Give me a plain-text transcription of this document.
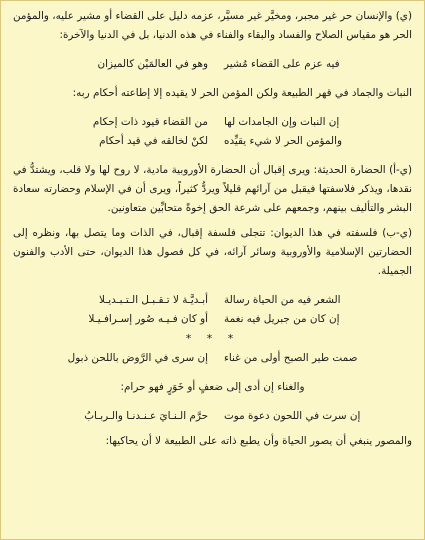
(ي) والإنسان حر غير مجبر، ومخيَّر غير مسيَّر، عزمه دليل على القضاء أو مشير عليه، والمؤمن الحر هو مقياس الصلاح والفساد والبقاء والفناء في هذه الدنيا، بل في الدنيا والآخرة:

فيه عزم على القضاء مُشير
وهو في العالمَيْن كالميزان

النبات والجماد في قهر الطبيعة ولكن المؤمن الحر لا يقيده إلا إطاعته أحكام ربه:

إن النبات وإن الجامدات لها
من القضاء قيود ذات إحكام
والمؤمن الحر لا شيء يقيِّده
لكنْ لخالقه في قيد أحكام

(ي-أ) الحضارة الحديثة: ويرى إقبال أن الحضارة الأوروبية مادية، لا روح لها ولا قلب، ويشتدُّ في نقدها، ويذكر فلاسفتها فيقبل من آرائهم قليلاً ويردُّ كثيراً، ويرى أن في الإسلام وحضارته سعادة البشر والتأليف بينهم، وجمعهم على شرعة الحق إخوةً متحابِّين متعاونين.

(ي-ب) فلسفته في هذا الديوان: تتجلى فلسفة إقبال، في الذات وما يتصل بها، ونظره إلى الحضارتين الإسلامية والأوروبية وسائر آرائه، في كل فصول هذا الديوان، حتى الأدب والفنون الجميلة.

الشعر فيه من الحياة رسالة
أبـديَّـة لا تـقـبـل الـتـبـديـلا
إن كان من جبريل فيه نغمة
أو كان فـيـه صُور إسـرافـيـلا
* * *
صمت طير الصبح أولى من غناء
إن سرى في الرَّوض باللحن ذبول

والغناء إن أدى إلى ضعفٍ أو خَوَرٍ فهو حرام:

إن سرت في اللحون دعوة موت
حرَّم الـنـايَ عـنـدنـا والـربـابُ

والمصور ينبغي أن يصور الحياة وأن يطبع ذاته على الطبيعة لا أن يحاكيها:
